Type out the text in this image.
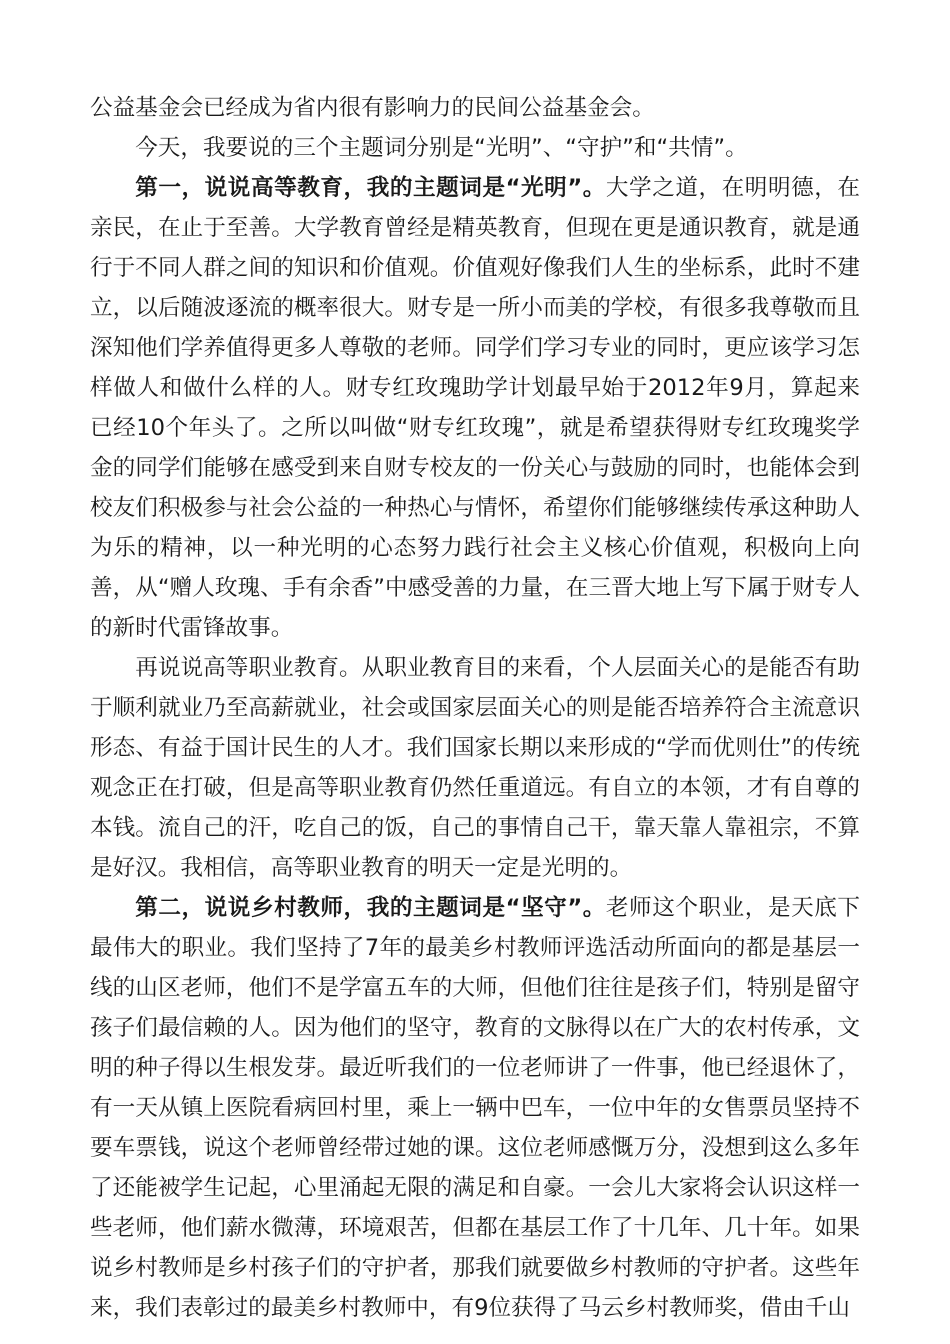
公益基金会已经成为省内很有影响力的民间公益基金会。

今天，我要说的三个主题词分别是“光明”、“守护”和“共情”。

第一，说说高等教育，我的主题词是“光明”。大学之道，在明明德，在亲民，在止于至善。大学教育曾经是精英教育，但现在更是通识教育，就是通行于不同人群之间的知识和价值观。价值观好像我们人生的坐标系，此时不建立，以后随波逐流的概率很大。财专是一所小而美的学校，有很多我尊敬而且深知他们学养值得更多人尊敬的老师。同学们学习专业的同时，更应该学习怎样做人和做什么样的人。财专红玫瑰助学计划最早始于2012年9月，算起来已经10个年头了。之所以叫做“财专红玫瑰”，就是希望获得财专红玫瑰奖学金的同学们能够在感受到来自财专校友的一份关心与鼓励的同时，也能体会到校友们积极参与社会公益的一种热心与情怀，希望你们能够继续传承这种助人为乐的精神，以一种光明的心态努力践行社会主义核心价值观，积极向上向善，从“赠人玫瑰、手有余香”中感受善的力量，在三晋大地上写下属于财专人的新时代雷锋故事。

再说说高等职业教育。从职业教育目的来看，个人层面关心的是能否有助于顺利就业乃至高薪就业，社会或国家层面关心的则是能否培养符合主流意识形态、有益于国计民生的人才。我们国家长期以来形成的“学而优则仕”的传统观念正在打破，但是高等职业教育仍然任重道远。有自立的本领，才有自尊的本钱。流自己的汗，吃自己的饭，自己的事情自己干，靠天靠人靠祖宗，不算是好汉。我相信，高等职业教育的明天一定是光明的。

第二，说说乡村教师，我的主题词是“坚守”。老师这个职业，是天底下最伟大的职业。我们坚持了7年的最美乡村教师评选活动所面向的都是基层一线的山区老师，他们不是学富五车的大师，但他们往往是孩子们，特别是留守孩子们最信赖的人。因为他们的坚守，教育的文脉得以在广大的农村传承，文明的种子得以生根发芽。最近听我们的一位老师讲了一件事，他已经退休了，有一天从镇上医院看病回村里，乘上一辆中巴车，一位中年的女售票员坚持不要车票钱，说这个老师曾经带过她的课。这位老师感慨万分，没想到这么多年了还能被学生记起，心里涌起无限的满足和自豪。一会儿大家将会认识这样一些老师，他们薪水微薄，环境艰苦，但都在基层工作了十几年、几十年。如果说乡村教师是乡村孩子们的守护者，那我们就要做乡村教师的守护者。这些年来，我们表彰过的最美乡村教师中，有9位获得了马云乡村教师奖，借由千山
